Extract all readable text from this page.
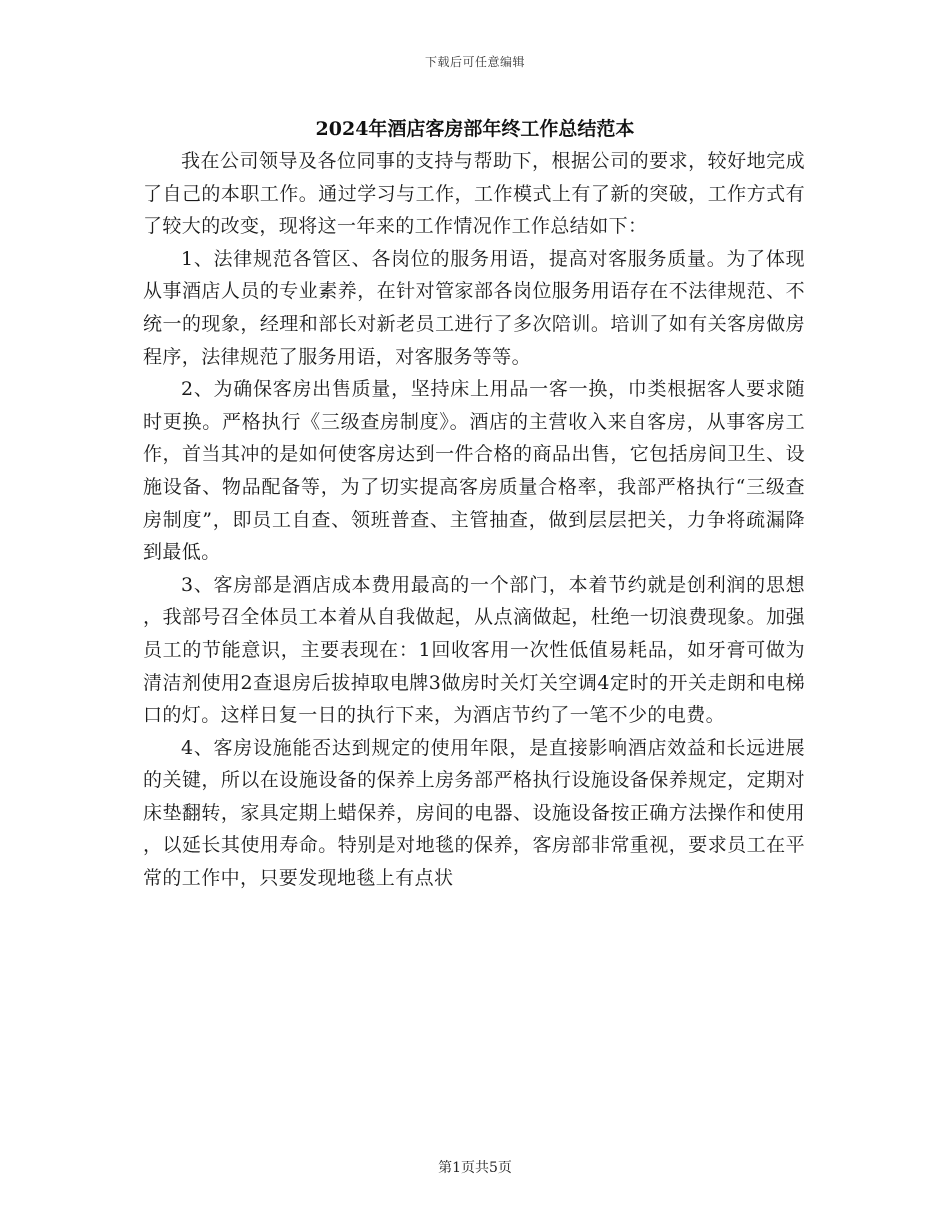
下载后可任意编辑
2024年酒店客房部年终工作总结范本

我在公司领导及各位同事的支持与帮助下，根据公司的要求，较好地完成了自己的本职工作。通过学习与工作，工作模式上有了新的突破，工作方式有了较大的改变，现将这一年来的工作情况作工作总结如下：

1、法律规范各管区、各岗位的服务用语，提高对客服务质量。为了体现从事酒店人员的专业素养，在针对管家部各岗位服务用语存在不法律规范、不统一的现象，经理和部长对新老员工进行了多次陪训。培训了如有关客房做房程序，法律规范了服务用语，对客服务等等。

2、为确保客房出售质量，坚持床上用品一客一换，巾类根据客人要求随时更换。严格执行《三级查房制度》。酒店的主营收入来自客房，从事客房工作，首当其冲的是如何使客房达到一件合格的商品出售，它包括房间卫生、设施设备、物品配备等，为了切实提高客房质量合格率，我部严格执行“三级查房制度”，即员工自查、领班普查、主管抽查，做到层层把关，力争将疏漏降到最低。

3、客房部是酒店成本费用最高的一个部门，本着节约就是创利润的思想，我部号召全体员工本着从自我做起，从点滴做起，杜绝一切浪费现象。加强员工的节能意识，主要表现在：1回收客用一次性低值易耗品，如牙膏可做为清洁剂使用2查退房后拔掉取电牌3做房时关灯关空调4定时的开关走朗和电梯口的灯。这样日复一日的执行下来，为酒店节约了一笔不少的电费。

4、客房设施能否达到规定的使用年限，是直接影响酒店效益和长远进展的关键，所以在设施设备的保养上房务部严格执行设施设备保养规定，定期对床垫翻转，家具定期上蜡保养，房间的电器、设施设备按正确方法操作和使用，以延长其使用寿命。特别是对地毯的保养，客房部非常重视，要求员工在平常的工作中，只要发现地毯上有点状

第1页共5页
